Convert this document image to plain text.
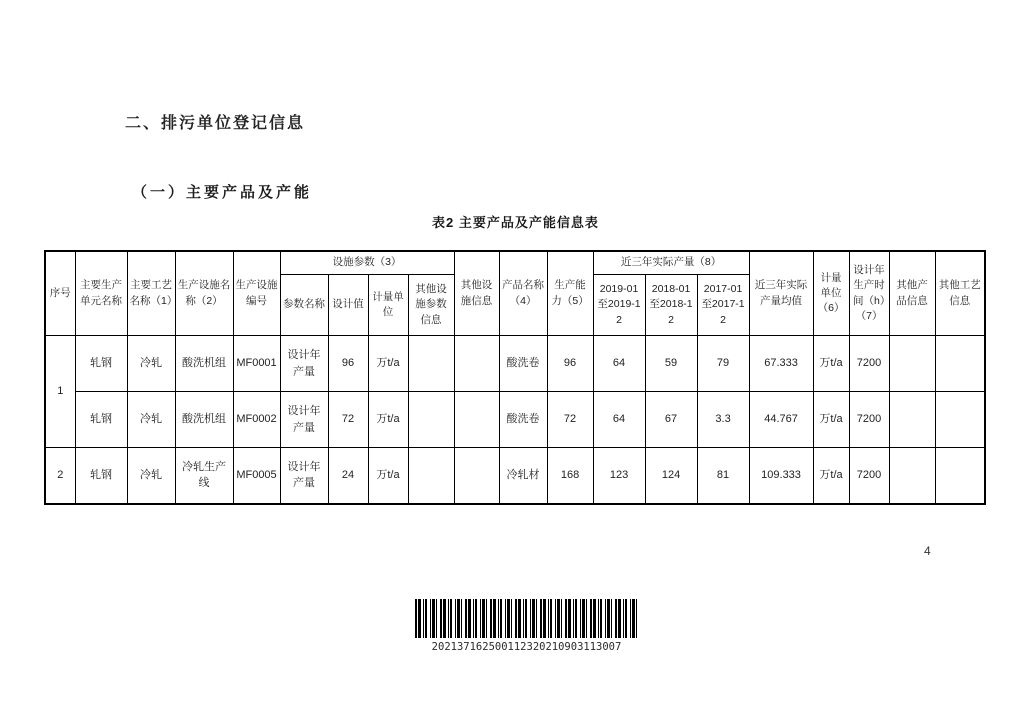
二、排污单位登记信息
（一）主要产品及产能
表2 主要产品及产能信息表
序号	主要生产单元名称	主要工艺名称（1）	生产设施名称（2）	生产设施编号	设施参数（3）				其他设施信息	产品名称（4）	生产能力（5）	近三年实际产量（8）			近三年实际产量均值	计量单位（6）	设计年生产时间（h）（7）	其他产品信息	其他工艺信息
					参数名称	设计值	计量单位	其他设施参数信息				2019-01至2019-12	2018-01至2018-12	2017-01至2017-12					
1	轧钢	冷轧	酸洗机组	MF0001	设计年产量	96	万t/a			酸洗卷	96	64	59	79	67.333	万t/a	7200		
	轧钢	冷轧	酸洗机组	MF0002	设计年产量	72	万t/a			酸洗卷	72	64	67	3.3	44.767	万t/a	7200		
2	轧钢	冷轧	冷轧生产线	MF0005	设计年产量	24	万t/a			冷轧材	168	123	124	81	109.333	万t/a	7200		
4
202137162500112320210903113007
